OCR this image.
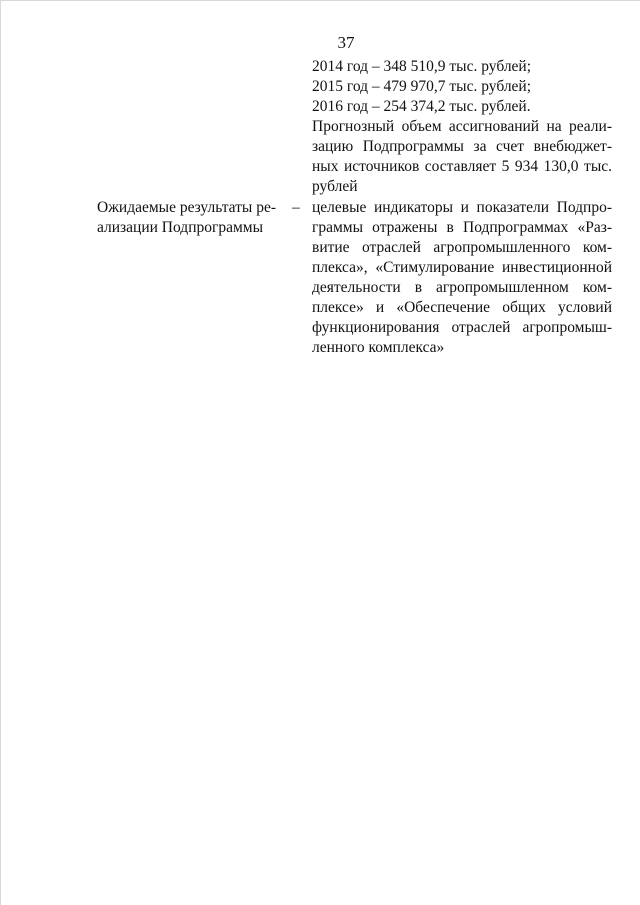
37
2014 год – 348 510,9 тыс. рублей;
2015 год – 479 970,7 тыс. рублей;
2016 год – 254 374,2 тыс. рублей.
Прогнозный объем ассигнований на реали-
зацию Подпрограммы за счет внебюджет-
ных источников составляет 5 934 130,0 тыс.
рублей
Ожидаемые результаты ре-
ализации Подпрограммы
– целевые индикаторы и показатели Подпро-
граммы отражены в Подпрограммах «Раз-
витие отраслей агропромышленного ком-
плекса», «Стимулирование инвестиционной
деятельности в агропромышленном ком-
плексе» и «Обеспечение общих условий
функционирования отраслей агропромыш-
ленного комплекса»
